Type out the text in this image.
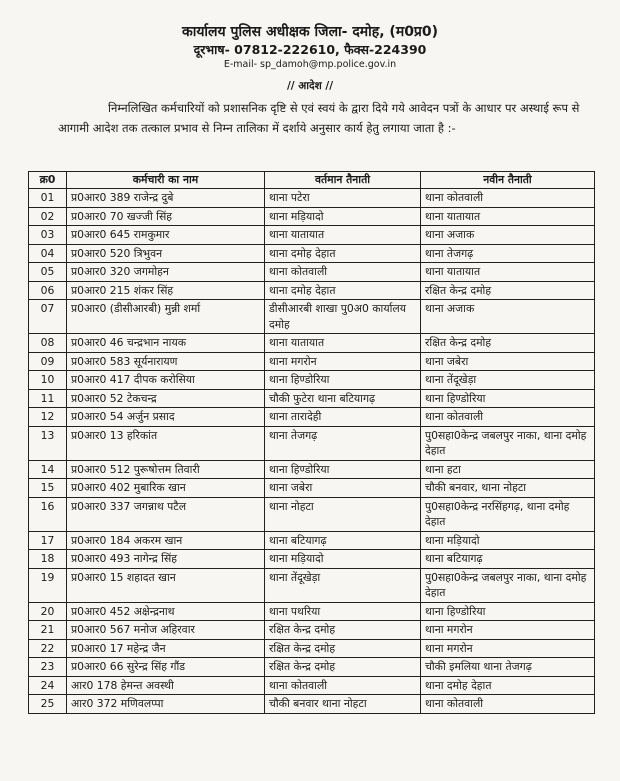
कार्यालय पुलिस अधीक्षक जिला- दमोह, (म0प्र0)
दूरभाष- 07812-222610, फैक्स-224390
E-mail- sp_damoh@mp.police.gov.in
// आदेश //
निम्नलिखित कर्मचारियों को प्रशासनिक दृष्टि से एवं स्वयं के द्वारा दिये गये आवेदन पत्रों के आधार पर अस्थाई रूप से आगामी आदेश तक तत्काल प्रभाव से निम्न तालिका में दर्शाये अनुसार कार्य हेतु लगाया जाता है :-
क्र0	कर्मचारी का नाम	वर्तमान तैनाती	नवीन तैनाती
01	प्र0आर0 389 राजेन्द्र दुबे	थाना पटेरा	थाना कोतवाली
02	प्र0आर0 70 खज्जी सिंह	थाना मड़ियादो	थाना यातायात
03	प्र0आर0 645 रामकुमार	थाना यातायात	थाना अजाक
04	प्र0आर0 520 त्रिभुवन	थाना दमोह देहात	थाना तेजगढ़
05	प्र0आर0 320 जगमोहन	थाना कोतवाली	थाना यातायात
06	प्र0आर0 215 शंकर सिंह	थाना दमोह देहात	रक्षित केन्द्र दमोह
07	प्र0आर0 (डीसीआरबी) मुन्नी शर्मा	डीसीआरबी शाखा पु0अ0 कार्यालय दमोह	थाना अजाक
08	प्र0आर0 46 चन्द्रभान नायक	थाना यातायात	रक्षित केन्द्र दमोह
09	प्र0आर0 583 सूर्यनारायण	थाना मगरोन	थाना जबेरा
10	प्र0आर0 417 दीपक करोसिया	थाना हिण्डोरिया	थाना तेंदूखेड़ा
11	प्र0आर0 52 टेकचन्द्र	चौकी फुटेरा थाना बटियागढ़	थाना हिण्डोरिया
12	प्र0आर0 54 अर्जुन प्रसाद	थाना तारादेही	थाना कोतवाली
13	प्र0आर0 13 हरिकांत	थाना तेजगढ़	पु0सहा0केन्द्र जबलपुर नाका, थाना दमोह देहात
14	प्र0आर0 512 पुरूषोत्तम तिवारी	थाना हिण्डोरिया	थाना हटा
15	प्र0आर0 402 मुबारिक खान	थाना जबेरा	चौकी बनवार, थाना नोहटा
16	प्र0आर0 337 जगन्नाथ पटैल	थाना नोहटा	पु0सहा0केन्द्र नरसिंहगढ़, थाना दमोह देहात
17	प्र0आर0 184 अकरम खान	थाना बटियागढ़	थाना मड़ियादो
18	प्र0आर0 493 नागेन्द्र सिंह	थाना मड़ियादो	थाना बटियागढ़
19	प्र0आर0 15 शहादत खान	थाना तेंदूखेड़ा	पु0सहा0केन्द्र जबलपुर नाका, थाना दमोह देहात
20	प्र0आर0 452 अक्षेन्द्रनाथ	थाना पथरिया	थाना हिण्डोरिया
21	प्र0आर0 567 मनोज अहिरवार	रक्षित केन्द्र दमोह	थाना मगरोन
22	प्र0आर0 17 महेन्द्र जैन	रक्षित केन्द्र दमोह	थाना मगरोन
23	प्र0आर0 66 सुरेन्द्र सिंह गौंड	रक्षित केन्द्र दमोह	चौकी इमलिया थाना तेजगढ़
24	आर0 178 हेमन्त अवस्थी	थाना कोतवाली	थाना दमोह देहात
25	आर0 372 मणिवलप्पा	चौकी बनवार थाना नोहटा	थाना कोतवाली
